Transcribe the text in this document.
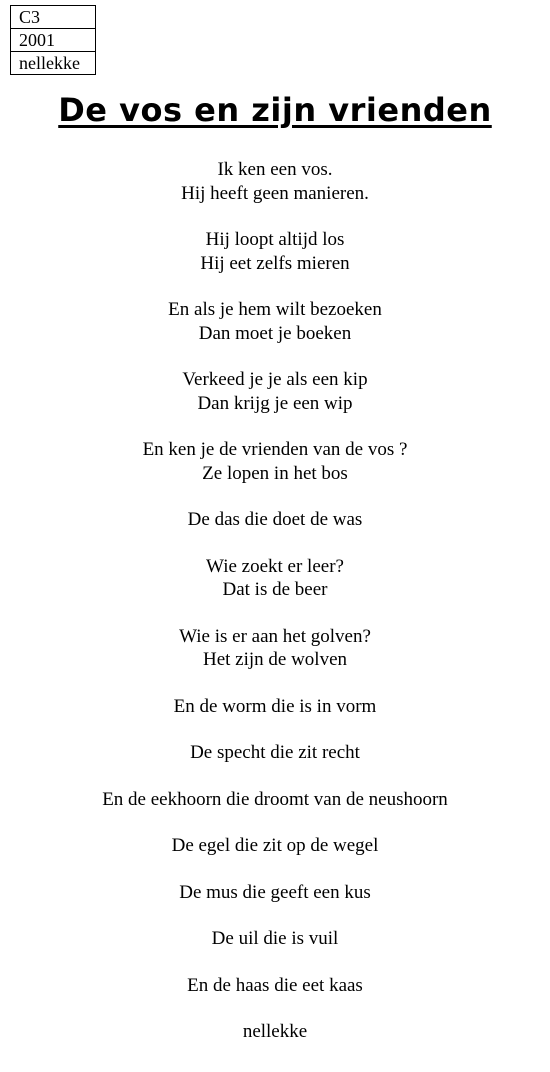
C3
2001
nellekke
De vos en zijn vrienden
Ik ken een vos.
Hij heeft geen manieren.
Hij loopt altijd los
Hij eet zelfs mieren
En als je hem wilt bezoeken
Dan moet je boeken
Verkeed je je als een kip
Dan krijg je een wip
En ken je de vrienden van de vos ?
Ze lopen in het bos
De das die doet de was
Wie zoekt er leer?
Dat is de beer
Wie is er aan het golven?
Het zijn de wolven
En de worm die is in vorm
De specht die zit recht
En de eekhoorn die droomt van de neushoorn
De egel die zit op de wegel
De mus die geeft een kus
De uil die is vuil
En de haas die eet kaas
nellekke
